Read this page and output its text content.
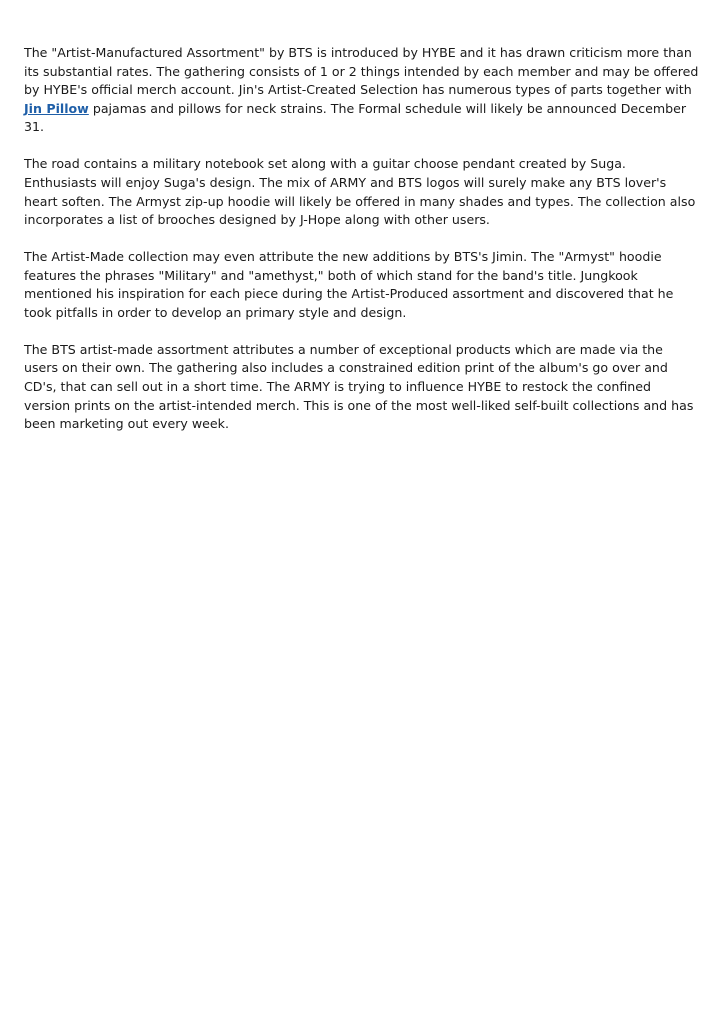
The "Artist-Manufactured Assortment" by BTS is introduced by HYBE and it has drawn criticism more than its substantial rates. The gathering consists of 1 or 2 things intended by each member and may be offered by HYBE's official merch account. Jin's Artist-Created Selection has numerous types of parts together with Jin Pillow pajamas and pillows for neck strains. The Formal schedule will likely be announced December 31.

The road contains a military notebook set along with a guitar choose pendant created by Suga. Enthusiasts will enjoy Suga's design. The mix of ARMY and BTS logos will surely make any BTS lover's heart soften. The Armyst zip-up hoodie will likely be offered in many shades and types. The collection also incorporates a list of brooches designed by J-Hope along with other users.

The Artist-Made collection may even attribute the new additions by BTS's Jimin. The "Armyst" hoodie features the phrases "Military" and "amethyst," both of which stand for the band's title. Jungkook mentioned his inspiration for each piece during the Artist-Produced assortment and discovered that he took pitfalls in order to develop an primary style and design.

The BTS artist-made assortment attributes a number of exceptional products which are made via the users on their own. The gathering also includes a constrained edition print of the album's go over and CD's, that can sell out in a short time. The ARMY is trying to influence HYBE to restock the confined version prints on the artist-intended merch. This is one of the most well-liked self-built collections and has been marketing out every week.
